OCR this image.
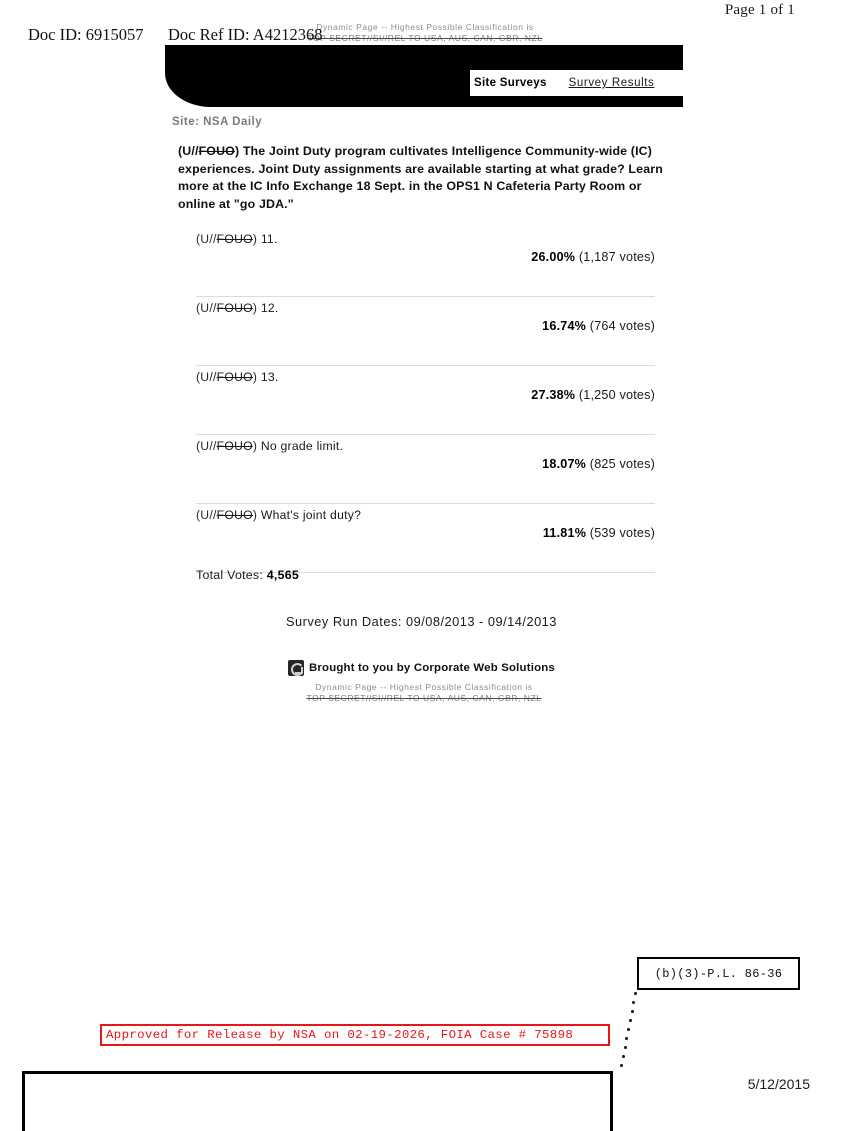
Page 1 of 1
Doc ID: 6915057 Doc Ref ID: A4212368
5/12/2015
Dynamic Page -- Highest Possible Classification is
TOP SECRET//SI//REL TO USA, AUS, CAN, GBR, NZL
Site Surveys Survey Results
Site: NSA Daily
(U//FOUO) The Joint Duty program cultivates Intelligence Community-wide (IC) experiences. Joint Duty assignments are available starting at what grade? Learn more at the IC Info Exchange 18 Sept. in the OPS1 N Cafeteria Party Room or online at "go JDA."
(U//FOUO) 11.
26.00% (1,187 votes)
(U//FOUO) 12.
16.74% (764 votes)
(U//FOUO) 13.
27.38% (1,250 votes)
(U//FOUO) No grade limit.
18.07% (825 votes)
(U//FOUO) What's joint duty?
11.81% (539 votes)
Total Votes: 4,565
Survey Run Dates: 09/08/2013 - 09/14/2013
Brought to you by Corporate Web Solutions
Dynamic Page -- Highest Possible Classification is
TOP SECRET//SI//REL TO USA, AUS, CAN, GBR, NZL
(b)(3)-P.L. 86-36
Approved for Release by NSA on 02-19-2026, FOIA Case # 75898
